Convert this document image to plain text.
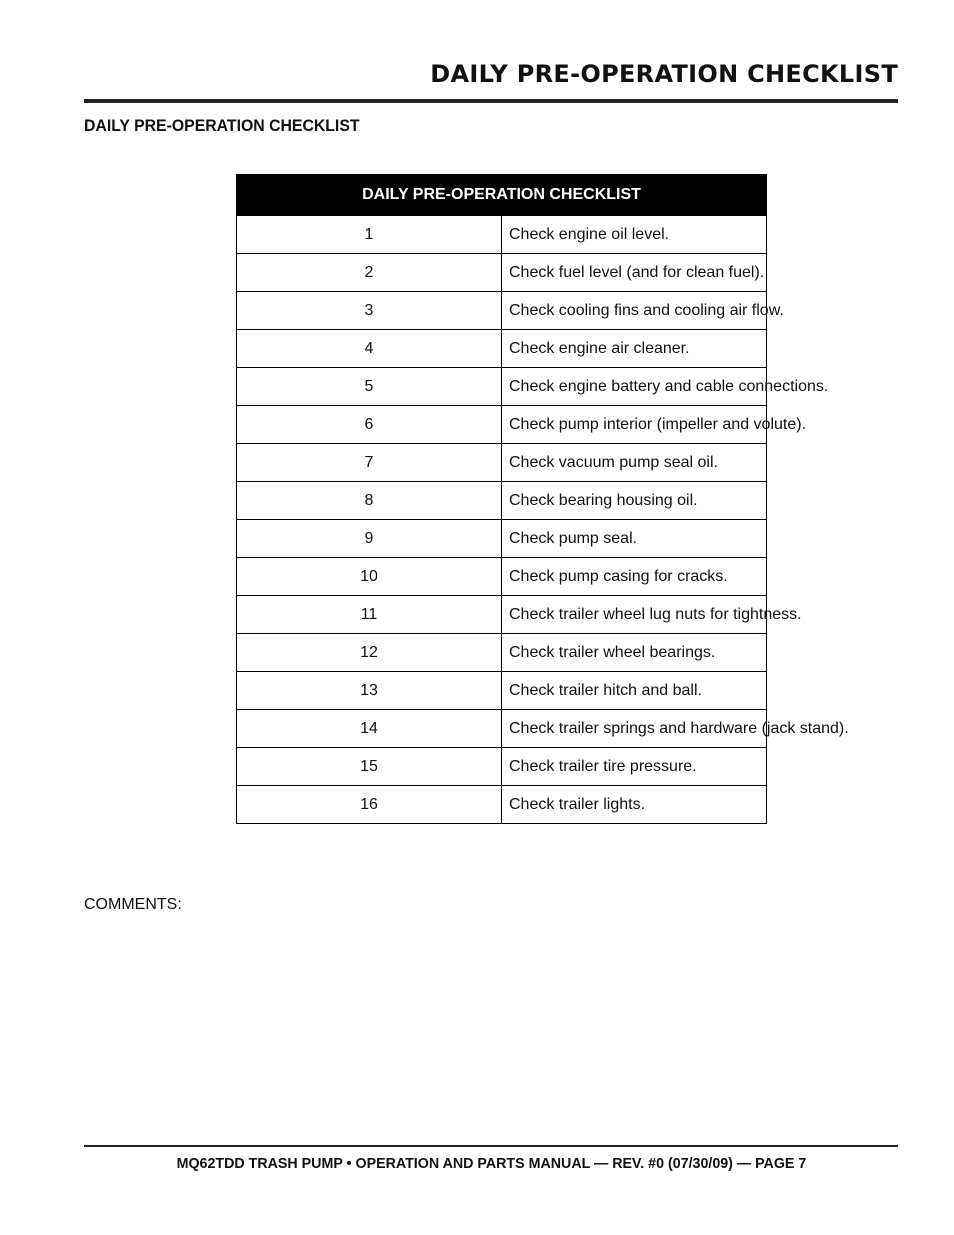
DAILY PRE-OPERATION CHECKLIST
DAILY PRE-OPERATION CHECKLIST
DAILY PRE-OPERATION CHECKLIST	
1	Check engine oil level.
2	Check fuel level (and for clean fuel).
3	Check cooling fins and cooling air flow.
4	Check engine air cleaner.
5	Check engine battery and cable connections.
6	Check pump interior (impeller and volute).
7	Check vacuum pump seal oil.
8	Check bearing housing oil.
9	Check pump seal.
10	Check pump casing for cracks.
11	Check trailer wheel lug nuts for tightness.
12	Check trailer wheel bearings.
13	Check trailer hitch and ball.
14	Check trailer springs and hardware (jack stand).
15	Check trailer tire pressure.
16	Check trailer lights.
COMMENTS:
MQ62TDD TRASH PUMP • OPERATION AND PARTS MANUAL — REV. #0 (07/30/09) — PAGE 7
